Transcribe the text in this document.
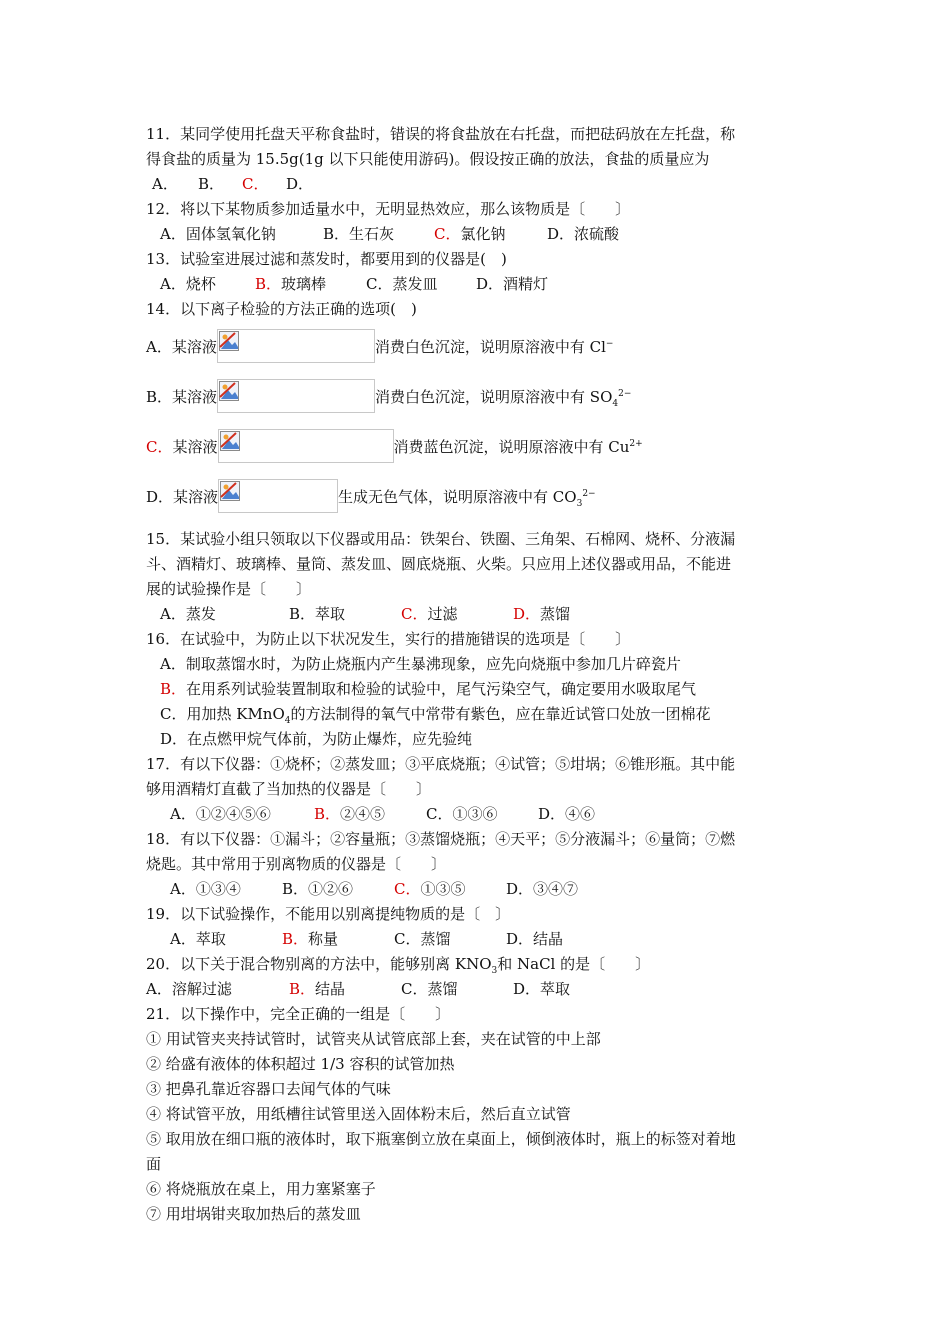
11．某同学使用托盘天平称食盐时，错误的将食盐放在右托盘，而把砝码放在左托盘，称
得食盐的质量为 15.5g(1g 以下只能使用游码)。假设按正确的放法，食盐的质量应为
A． B． C． D．
12．将以下某物质参加适量水中，无明显热效应，那么该物质是〔　　〕
A．固体氢氧化钠	B．生石灰	C．氯化钠	D．浓硫酸
13．试验室进展过滤和蒸发时，都要用到的仪器是(　)
A．烧杯	B．玻璃棒	C．蒸发皿	D．酒精灯
14．以下离子检验的方法正确的选项(　)
A．某溶液	消费白色沉淀，说明原溶液中有 Cl−
B．某溶液	消费白色沉淀，说明原溶液中有 $SO_4^{2-}$
C．某溶液	消费蓝色沉淀，说明原溶液中有 $Cu^{2+}$
D．某溶液	生成无色气体，说明原溶液中有 $CO_3^{2-}$
15．某试验小组只领取以下仪器或用品：铁架台、铁圈、三角架、石棉网、烧杯、分液漏
斗、酒精灯、玻璃棒、量筒、蒸发皿、圆底烧瓶、火柴。只应用上述仪器或用品，不能进
展的试验操作是〔　　〕
A．蒸发	B．萃取	C．过滤	D．蒸馏
16．在试验中，为防止以下状况发生，实行的措施错误的选项是〔　　〕
A．制取蒸馏水时，为防止烧瓶内产生暴沸现象，应先向烧瓶中参加几片碎瓷片
B．在用系列试验装置制取和检验的试验中，尾气污染空气，确定要用水吸取尾气
C．用加热 KMnO$_4$的方法制得的氧气中常带有紫色，应在靠近试管口处放一团棉花
D．在点燃甲烷气体前，为防止爆炸，应先验纯
17．有以下仪器：①烧杯；②蒸发皿；③平底烧瓶；④试管；⑤坩埚；⑥锥形瓶。其中能
够用酒精灯直截了当加热的仪器是〔　　〕
A．①②④⑤⑥	B．②④⑤	C．①③⑥	D．④⑥
18．有以下仪器：①漏斗；②容量瓶；③蒸馏烧瓶；④天平；⑤分液漏斗；⑥量筒；⑦燃
烧匙。其中常用于别离物质的仪器是〔　　〕
A．①③④	B．①②⑥	C．①③⑤	D．③④⑦
19．以下试验操作，不能用以别离提纯物质的是〔　〕
A．萃取	B．称量	C．蒸馏	D．结晶
20．以下关于混合物别离的方法中，能够别离 $KNO_3$和 NaCl 的是〔　　〕
A．溶解过滤	B．结晶	C．蒸馏	D．萃取
21．以下操作中，完全正确的一组是〔　　〕
① 用试管夹夹持试管时，试管夹从试管底部上套，夹在试管的中上部
② 给盛有液体的体积超过 1/3 容积的试管加热
③ 把鼻孔靠近容器口去闻气体的气味
④ 将试管平放，用纸槽往试管里送入固体粉末后，然后直立试管
⑤ 取用放在细口瓶的液体时，取下瓶塞倒立放在桌面上，倾倒液体时，瓶上的标签对着地
面
⑥ 将烧瓶放在桌上，用力塞紧塞子
⑦ 用坩埚钳夹取加热后的蒸发皿
